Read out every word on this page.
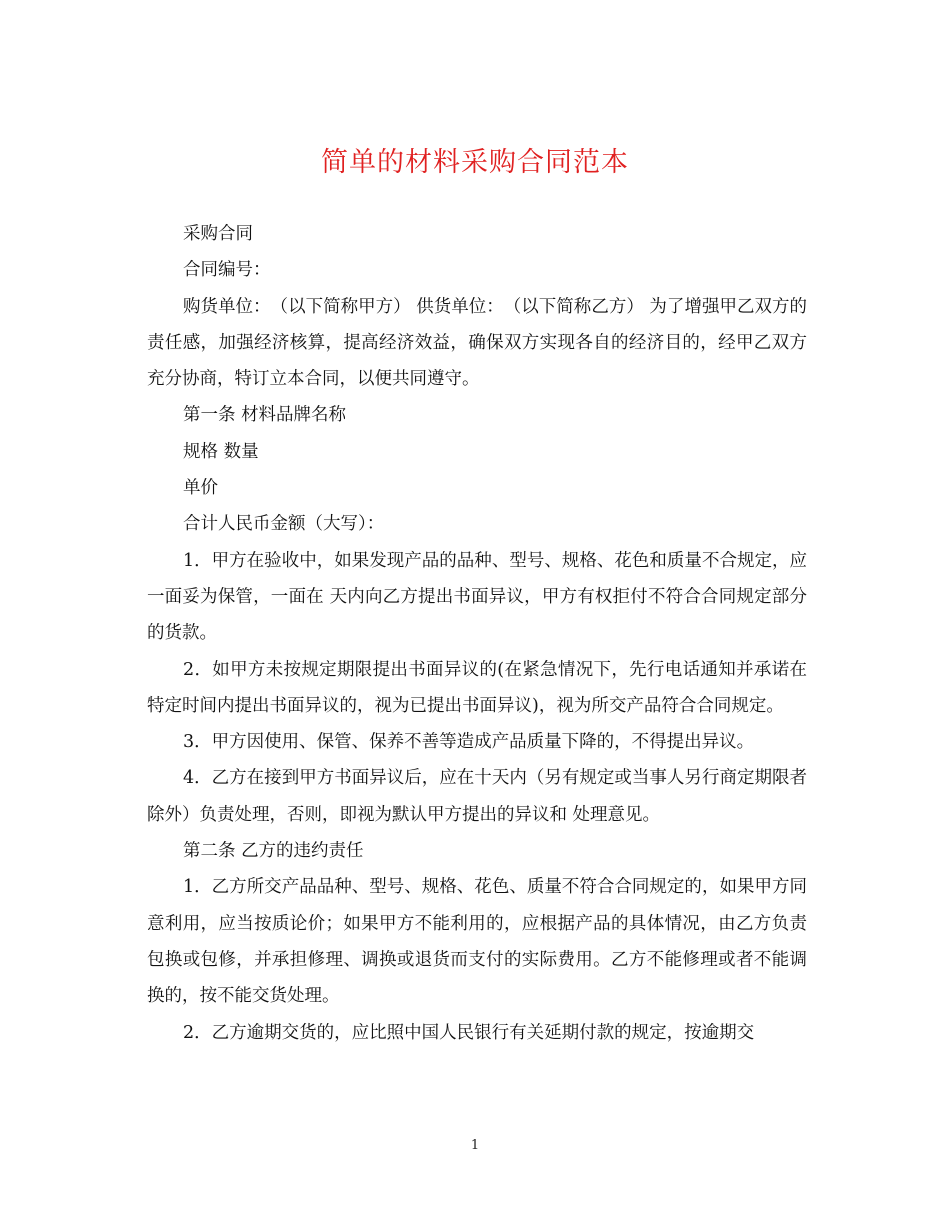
简单的材料采购合同范本

采购合同

合同编号：

购货单位：　（以下简称甲方） 供货单位：　（以下简称乙方） 为了增强甲乙双方的责任感，加强经济核算，提高经济效益，确保双方实现各自的经济目的，经甲乙双方充分协商，特订立本合同，以便共同遵守。

第一条 材料品牌名称

规格 数量

单价

合计人民币金额（大写）：

1．甲方在验收中，如果发现产品的品种、型号、规格、花色和质量不合规定，应一面妥为保管，一面在 天内向乙方提出书面异议，甲方有权拒付不符合合同规定部分的货款。

2．如甲方未按规定期限提出书面异议的(在紧急情况下，先行电话通知并承诺在特定时间内提出书面异议的，视为已提出书面异议)，视为所交产品符合合同规定。

3．甲方因使用、保管、保养不善等造成产品质量下降的，不得提出异议。

4．乙方在接到甲方书面异议后，应在十天内（另有规定或当事人另行商定期限者除外）负责处理，否则，即视为默认甲方提出的异议和 处理意见。

第二条 乙方的违约责任

1．乙方所交产品品种、型号、规格、花色、质量不符合合同规定的，如果甲方同意利用，应当按质论价；如果甲方不能利用的，应根据产品的具体情况，由乙方负责包换或包修，并承担修理、调换或退货而支付的实际费用。乙方不能修理或者不能调换的，按不能交货处理。

2．乙方逾期交货的，应比照中国人民银行有关延期付款的规定，按逾期交

1
